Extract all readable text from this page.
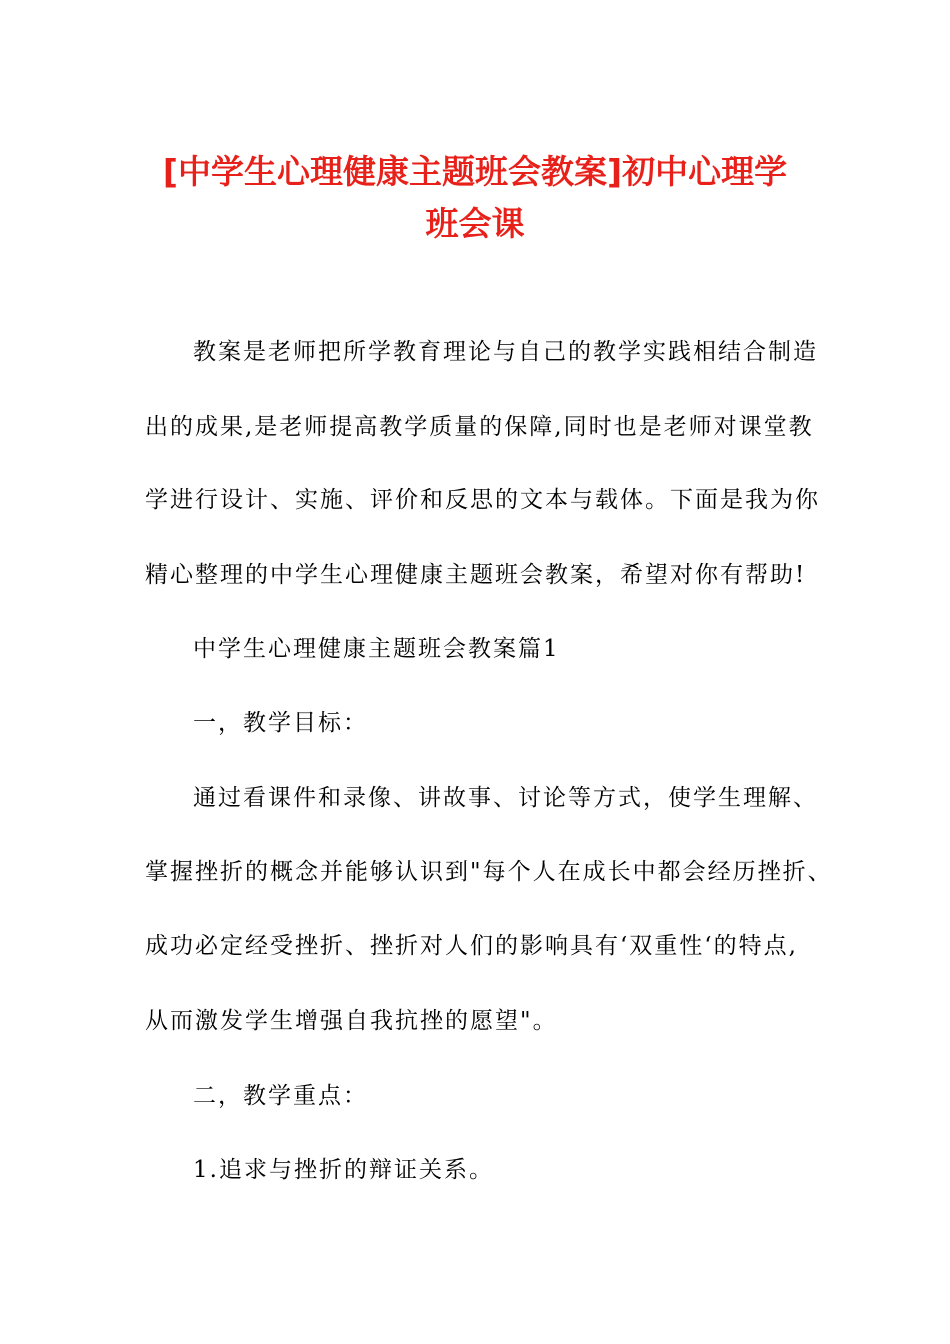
[中学生心理健康主题班会教案]初中心理学
班会课

教案是老师把所学教育理论与自己的教学实践相结合制造

出的成果,是老师提高教学质量的保障,同时也是老师对课堂教

学进行设计、实施、评价和反思的文本与载体。下面是我为你

精心整理的中学生心理健康主题班会教案，希望对你有帮助!

中学生心理健康主题班会教案篇1

一，教学目标：

通过看课件和录像、讲故事、讨论等方式，使学生理解、

掌握挫折的概念并能够认识到"每个人在成长中都会经历挫折、

成功必定经受挫折、挫折对人们的影响具有‘双重性‘的特点,

从而激发学生增强自我抗挫的愿望"。

二，教学重点：

1.追求与挫折的辩证关系。
